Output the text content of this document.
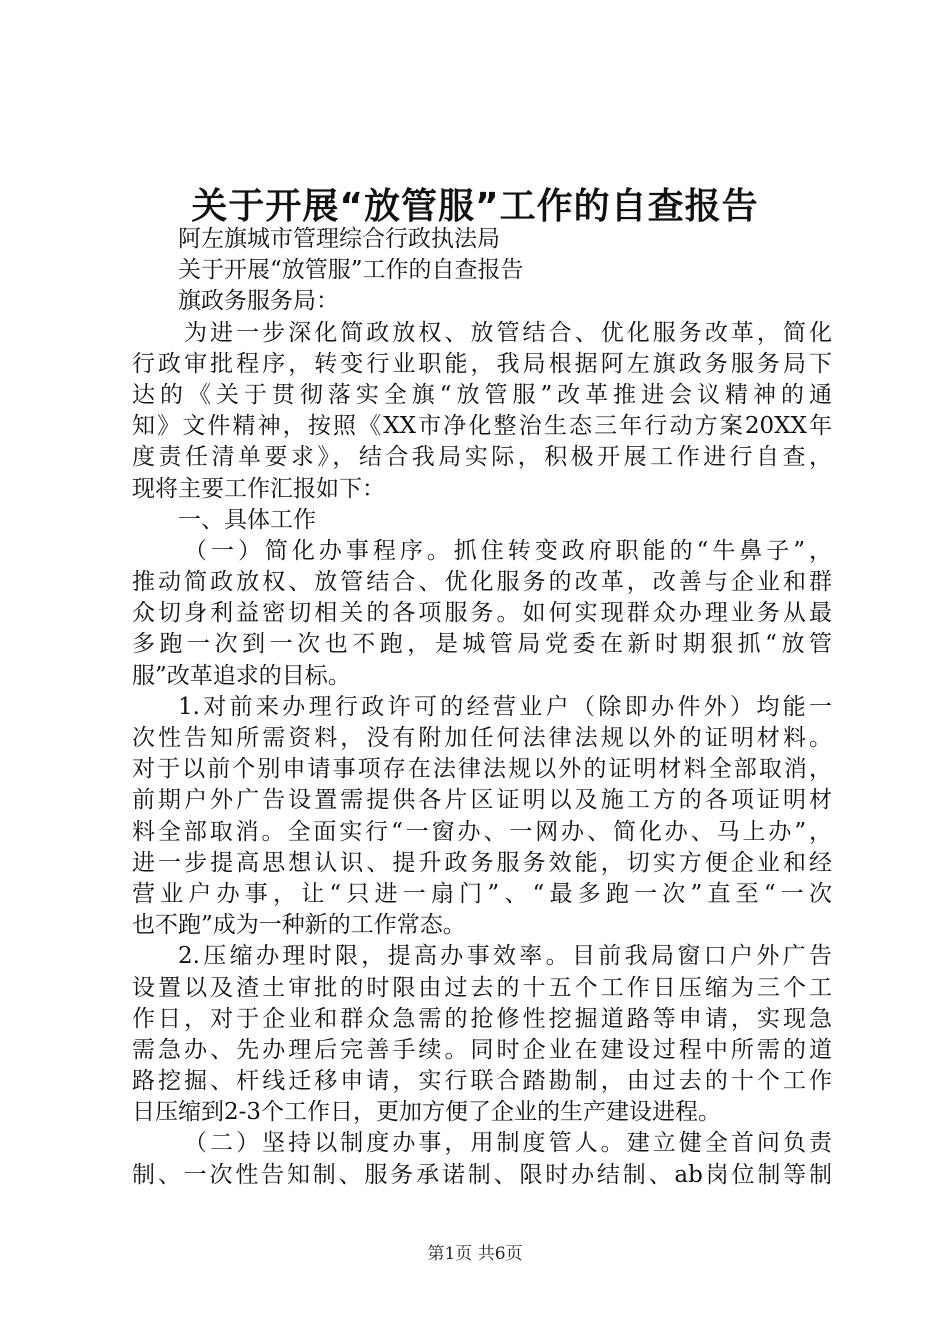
关于开展“放管服”工作的自查报告
阿左旗城市管理综合行政执法局
关于开展“放管服”工作的自查报告
旗政务服务局：
为进一步深化简政放权、放管结合、优化服务改革，简化
行政审批程序，转变行业职能，我局根据阿左旗政务服务局下
达的《关于贯彻落实全旗“放管服”改革推进会议精神的通
知》文件精神，按照《XX市净化整治生态三年行动方案20XX年
度责任清单要求》，结合我局实际，积极开展工作进行自查，
现将主要工作汇报如下：
一、具体工作
（一）简化办事程序。抓住转变政府职能的“牛鼻子”，
推动简政放权、放管结合、优化服务的改革，改善与企业和群
众切身利益密切相关的各项服务。如何实现群众办理业务从最
多跑一次到一次也不跑，是城管局党委在新时期狠抓“放管
服”改革追求的目标。
1.对前来办理行政许可的经营业户（除即办件外）均能一
次性告知所需资料，没有附加任何法律法规以外的证明材料。
对于以前个别申请事项存在法律法规以外的证明材料全部取消，
前期户外广告设置需提供各片区证明以及施工方的各项证明材
料全部取消。全面实行“一窗办、一网办、简化办、马上办”，
进一步提高思想认识、提升政务服务效能，切实方便企业和经
营业户办事，让“只进一扇门”、“最多跑一次”直至“一次
也不跑”成为一种新的工作常态。
2.压缩办理时限，提高办事效率。目前我局窗口户外广告
设置以及渣土审批的时限由过去的十五个工作日压缩为三个工
作日，对于企业和群众急需的抢修性挖掘道路等申请，实现急
需急办、先办理后完善手续。同时企业在建设过程中所需的道
路挖掘、杆线迁移申请，实行联合踏勘制，由过去的十个工作
日压缩到2-3个工作日，更加方便了企业的生产建设进程。
（二）坚持以制度办事，用制度管人。建立健全首问负责
制、一次性告知制、服务承诺制、限时办结制、ab岗位制等制
第1页 共6页
